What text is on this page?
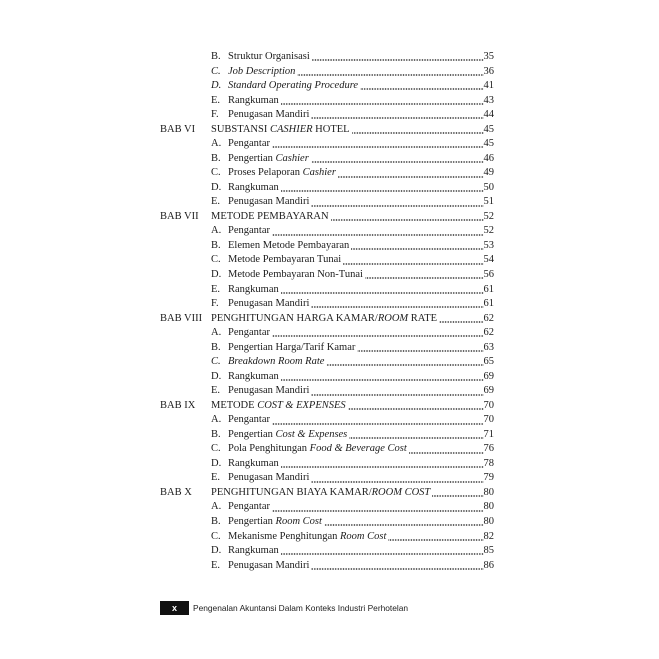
B. Struktur Organisasi	35
C. Job Description	36
D. Standard Operating Procedure	41
E. Rangkuman	43
F. Penugasan Mandiri	44
BAB VI	SUBSTANSI CASHIER HOTEL	45
A. Pengantar	45
B. Pengertian Cashier	46
C. Proses Pelaporan Cashier	49
D. Rangkuman	50
E. Penugasan Mandiri	51
BAB VII	METODE PEMBAYARAN	52
A. Pengantar	52
B. Elemen Metode Pembayaran	53
C. Metode Pembayaran Tunai	54
D. Metode Pembayaran Non-Tunai	56
E. Rangkuman	61
F. Penugasan Mandiri	61
BAB VIII PENGHITUNGAN HARGA KAMAR/ROOM RATE	62
A. Pengantar	62
B. Pengertian Harga/Tarif Kamar	63
C. Breakdown Room Rate	65
D. Rangkuman	69
E. Penugasan Mandiri	69
BAB IX	METODE COST & EXPENSES	70
A. Pengantar	70
B. Pengertian Cost & Expenses	71
C. Pola Penghitungan Food & Beverage Cost	76
D. Rangkuman	78
E. Penugasan Mandiri	79
BAB X	PENGHITUNGAN BIAYA KAMAR/ROOM COST	80
A. Pengantar	80
B. Pengertian Room Cost	80
C. Mekanisme Penghitungan Room Cost	82
D. Rangkuman	85
E. Penugasan Mandiri	86
x	Pengenalan Akuntansi Dalam Konteks Industri Perhotelan
